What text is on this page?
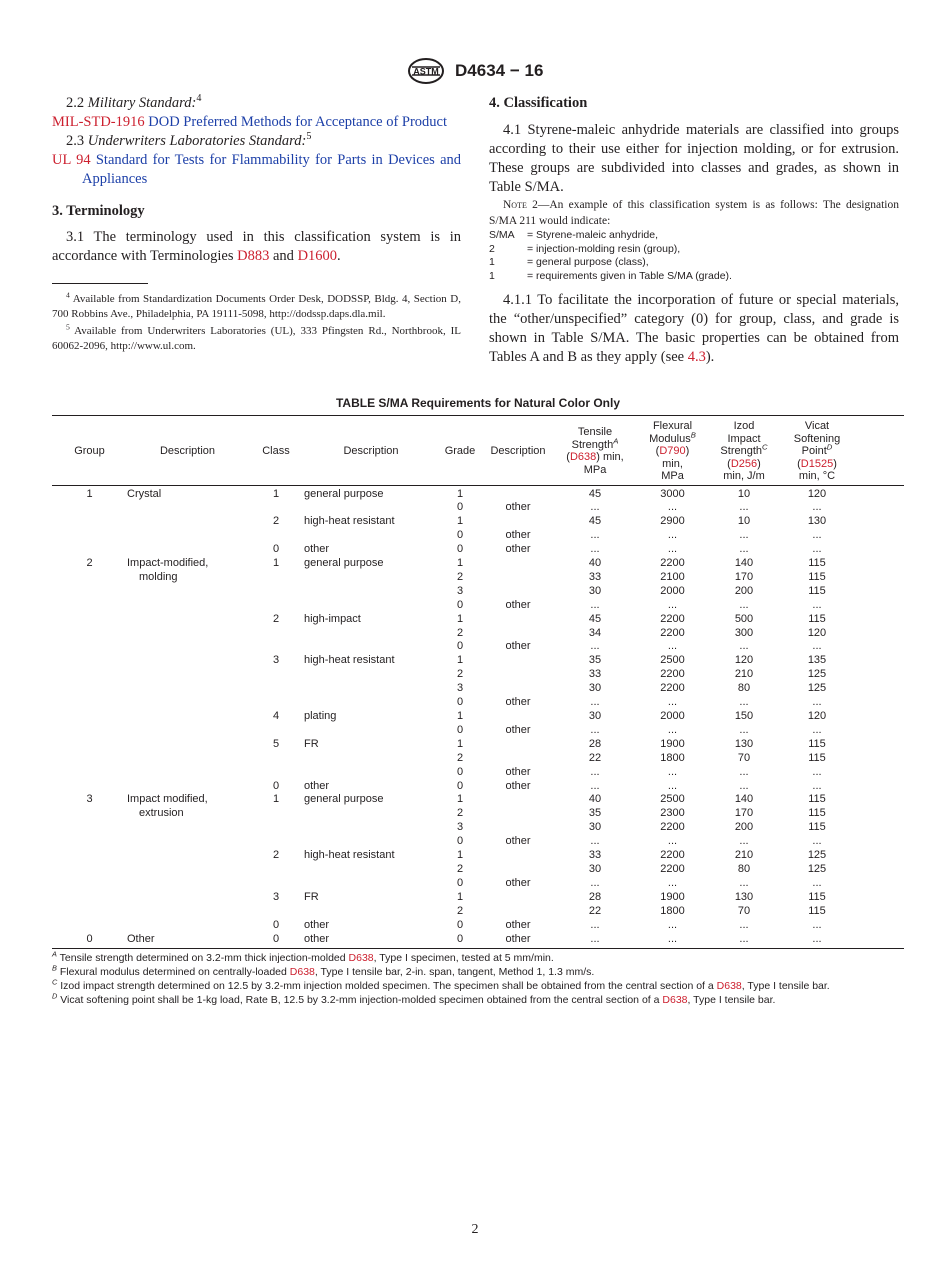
ASTM D4634 − 16

2.2 Military Standard:$^4$

MIL-STD-1916 DOD Preferred Methods for Acceptance of Product

2.3 Underwriters Laboratories Standard:$^5$

UL 94 Standard for Tests for Flammability for Parts in Devices and Appliances

3. Terminology

3.1 The terminology used in this classification system is in accordance with Terminologies D883 and D1600.

$^4$ Available from Standardization Documents Order Desk, DODSSP, Bldg. 4, Section D, 700 Robbins Ave., Philadelphia, PA 19111-5098, http://dodssp.daps.dla.mil.

$^5$ Available from Underwriters Laboratories (UL), 333 Pfingsten Rd., Northbrook, IL 60062-2096, http://www.ul.com.

4. Classification

4.1 Styrene-maleic anhydride materials are classified into groups according to their use either for injection molding, or for extrusion. These groups are subdivided into classes and grades, as shown in Table S/MA.

Note 2—An example of this classification system is as follows: The designation S/MA 211 would indicate:

S/MA	= Styrene-maleic anhydride,
2	= injection-molding resin (group),
1	= general purpose (class),
1	= requirements given in Table S/MA (grade).

4.1.1 To facilitate the incorporation of future or special materials, the “other/unspecified” category (0) for group, class, and grade is shown in Table S/MA. The basic properties can be obtained from Tables A and B as they apply (see 4.3).

TABLE S/MA Requirements for Natural Color Only
Group	Description	Class	Description	Grade	Description	Tensile
Strength$^A$
(D638) min,
MPa	Flexural
Modulus$^B$
(D790)
min,
MPa	Izod
Impact
Strength$^C$
(D256)
min, J/m	Vicat
Softening
Point$^D$
(D1525)
min, °C	
1	Crystal	1	general purpose	1		45	3000	10	120	
				0	other	...	...	...	...	
		2	high-heat resistant	1		45	2900	10	130	
				0	other	...	...	...	...	
		0	other	0	other	...	...	...	...	
2	Impact-modified,	1	general purpose	1		40	2200	140	115	
	molding			2		33	2100	170	115	
				3		30	2000	200	115	
				0	other	...	...	...	...	
		2	high-impact	1		45	2200	500	115	
				2		34	2200	300	120	
				0	other	...	...	...	...	
		3	high-heat resistant	1		35	2500	120	135	
				2		33	2200	210	125	
				3		30	2200	80	125	
				0	other	...	...	...	...	
		4	plating	1		30	2000	150	120	
				0	other	...	...	...	...	
		5	FR	1		28	1900	130	115	
				2		22	1800	70	115	
				0	other	...	...	...	...	
		0	other	0	other	...	...	...	...	
3	Impact modified,	1	general purpose	1		40	2500	140	115	
	extrusion			2		35	2300	170	115	
				3		30	2200	200	115	
				0	other	...	...	...	...	
		2	high-heat resistant	1		33	2200	210	125	
				2		30	2200	80	125	
				0	other	...	...	...	...	
		3	FR	1		28	1900	130	115	
				2		22	1800	70	115	
		0	other	0	other	...	...	...	...	
0	Other	0	other	0	other	...	...	...	...	
$^A$ Tensile strength determined on 3.2-mm thick injection-molded D638, Type I specimen, tested at 5 mm/min.
$^B$ Flexural modulus determined on centrally-loaded D638, Type I tensile bar, 2-in. span, tangent, Method 1, 1.3 mm/s.
$^C$ Izod impact strength determined on 12.5 by 3.2-mm injection molded specimen. The specimen shall be obtained from the central section of a D638, Type I tensile bar.
$^D$ Vicat softening point shall be 1-kg load, Rate B, 12.5 by 3.2-mm injection-molded specimen obtained from the central section of a D638, Type I tensile bar.
2
